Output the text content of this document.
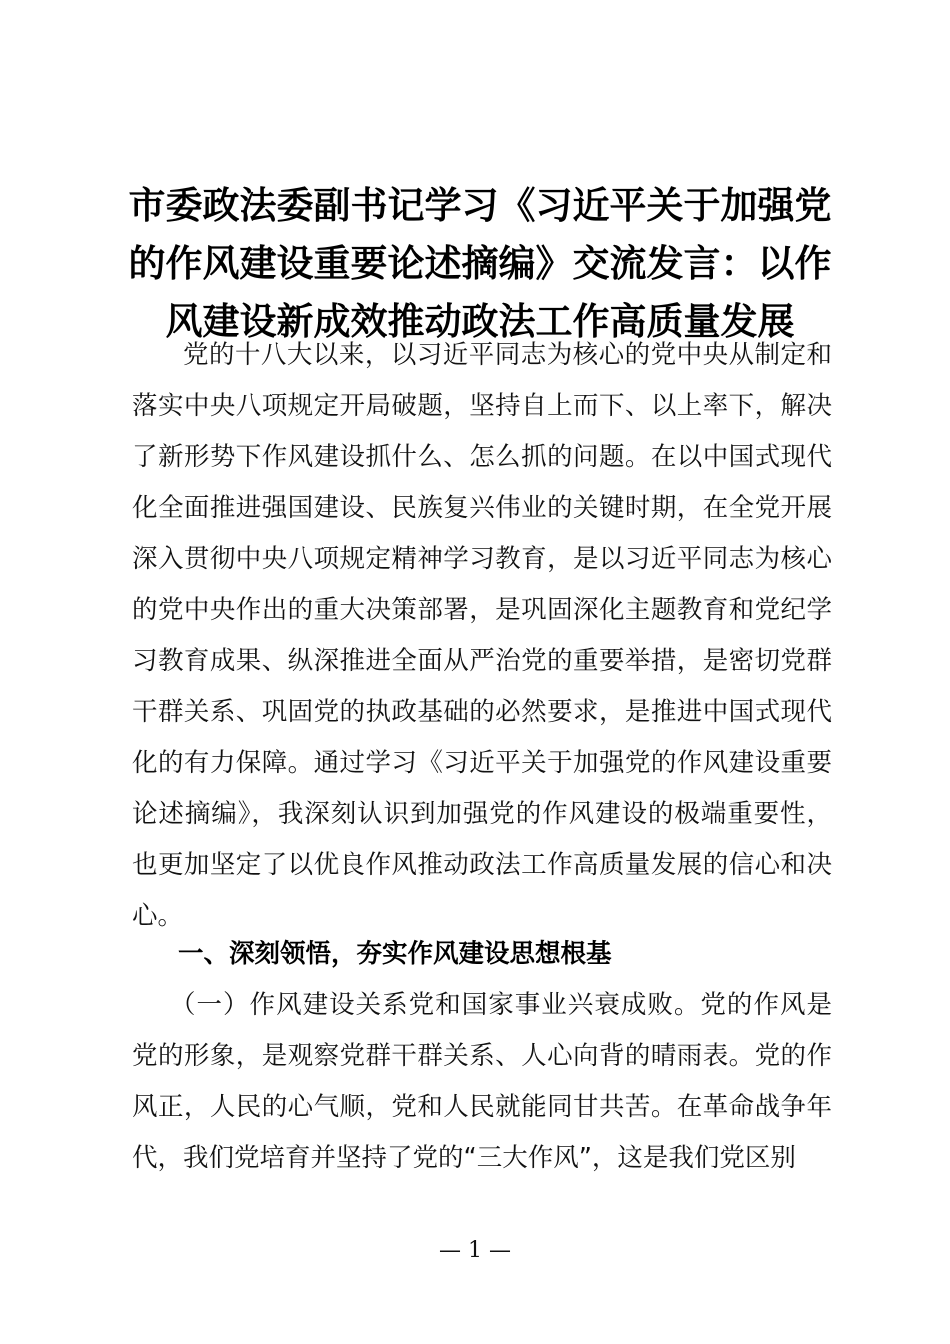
市委政法委副书记学习《习近平关于加强党的作风建设重要论述摘编》交流发言：以作风建设新成效推动政法工作高质量发展

党的十八大以来，以习近平同志为核心的党中央从制定和落实中央八项规定开局破题，坚持自上而下、以上率下，解决了新形势下作风建设抓什么、怎么抓的问题。在以中国式现代化全面推进强国建设、民族复兴伟业的关键时期，在全党开展深入贯彻中央八项规定精神学习教育，是以习近平同志为核心的党中央作出的重大决策部署，是巩固深化主题教育和党纪学习教育成果、纵深推进全面从严治党的重要举措，是密切党群干群关系、巩固党的执政基础的必然要求，是推进中国式现代化的有力保障。通过学习《习近平关于加强党的作风建设重要论述摘编》，我深刻认识到加强党的作风建设的极端重要性，也更加坚定了以优良作风推动政法工作高质量发展的信心和决心。

一、深刻领悟，夯实作风建设思想根基

（一）作风建设关系党和国家事业兴衰成败。党的作风是党的形象，是观察党群干群关系、人心向背的晴雨表。党的作风正，人民的心气顺，党和人民就能同甘共苦。在革命战争年代，我们党培育并坚持了党的“三大作风”，这是我们党区别

— 1 —
